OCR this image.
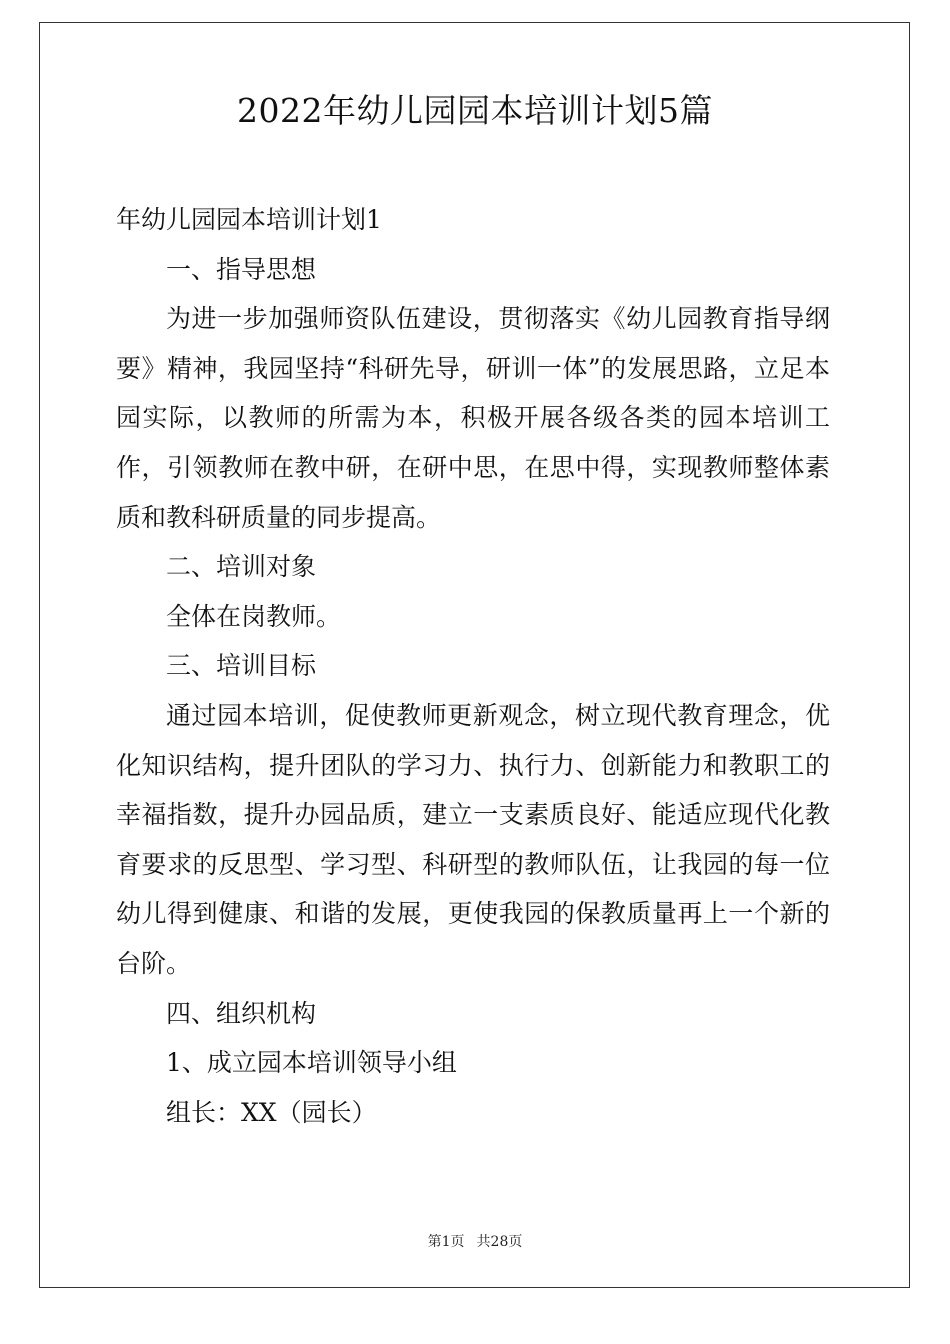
2022年幼儿园园本培训计划5篇

年幼儿园园本培训计划1

一、指导思想

为进一步加强师资队伍建设，贯彻落实《幼儿园教育指导纲要》精神，我园坚持“科研先导，研训一体”的发展思路，立足本园实际，以教师的所需为本，积极开展各级各类的园本培训工作，引领教师在教中研，在研中思，在思中得，实现教师整体素质和教科研质量的同步提高。

二、培训对象

全体在岗教师。

三、培训目标

通过园本培训，促使教师更新观念，树立现代教育理念，优化知识结构，提升团队的学习力、执行力、创新能力和教职工的幸福指数，提升办园品质，建立一支素质良好、能适应现代化教育要求的反思型、学习型、科研型的教师队伍，让我园的每一位幼儿得到健康、和谐的发展，更使我园的保教质量再上一个新的台阶。

四、组织机构

1、成立园本培训领导小组

组长：XX（园长）

第1页 共28页
